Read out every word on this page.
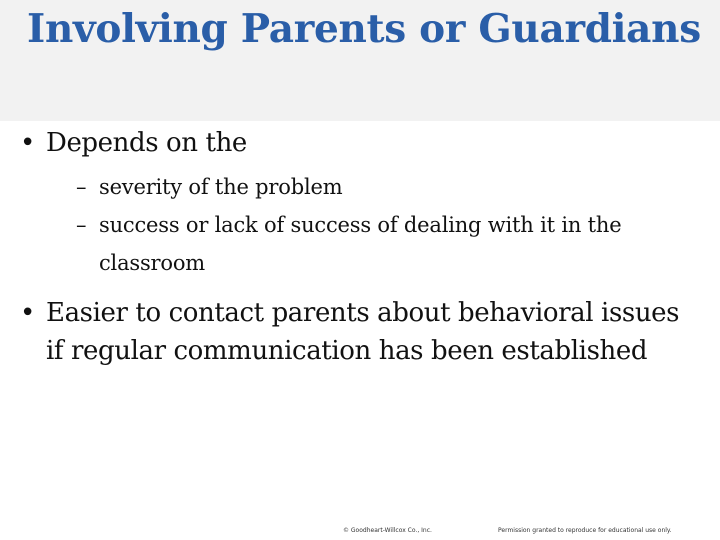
Involving Parents or Guardians
• Depends on the
– severity of the problem
– success or lack of success of dealing with it in the classroom
• Easier to contact parents about behavioral issues if regular communication has been established
© Goodheart-Willcox Co., Inc.	Permission granted to reproduce for educational use only.
